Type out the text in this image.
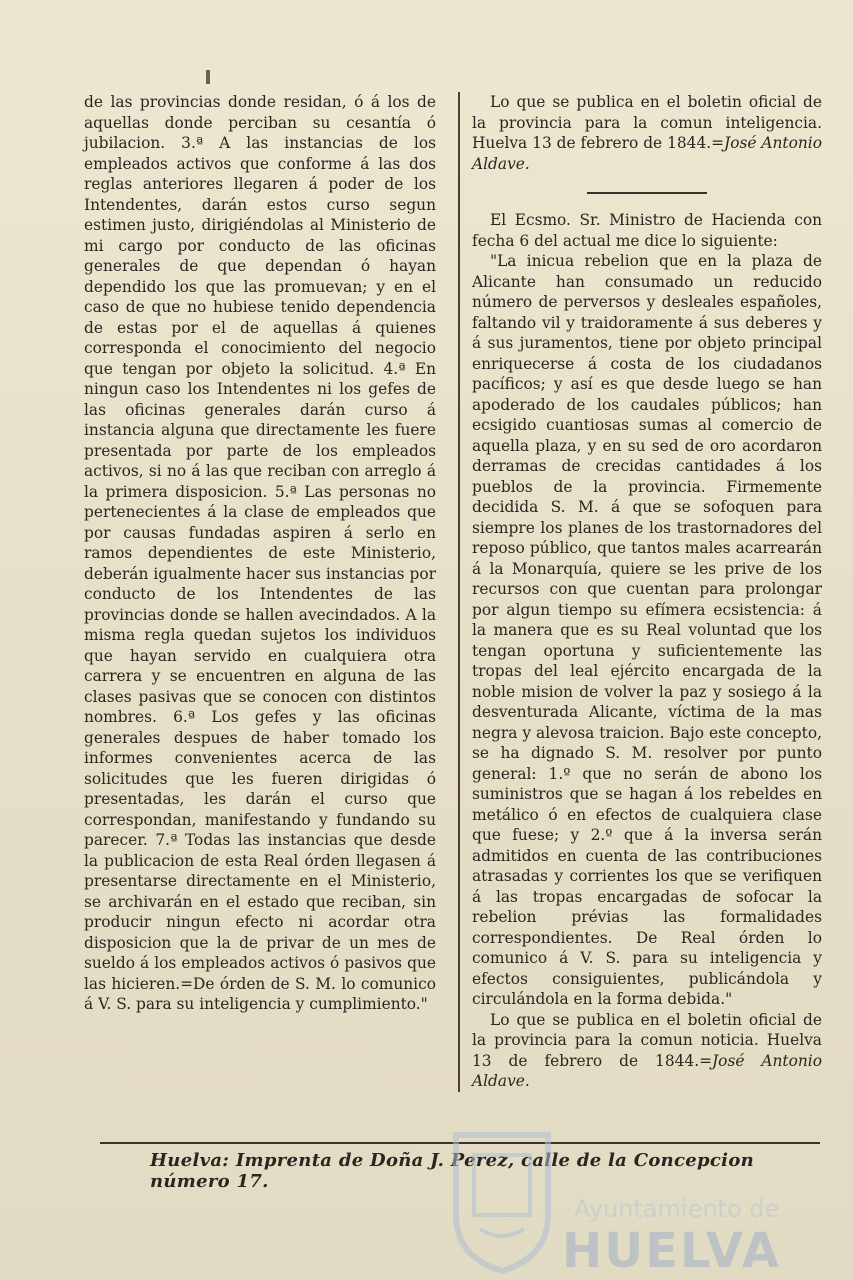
de las provincias donde residan, ó á los de aquellas donde perciban su cesantía ó jubilacion. 3.ª A las instancias de los empleados activos que conforme á las dos reglas anteriores llegaren á poder de los Intendentes, darán estos curso segun estimen justo, dirigiéndolas al Ministerio de mi cargo por conducto de las oficinas generales de que dependan ó hayan dependido los que las promuevan; y en el caso de que no hubiese tenido dependencia de estas por el de aquellas á quienes corresponda el conocimiento del negocio que tengan por objeto la solicitud. 4.ª En ningun caso los Intendentes ni los gefes de las oficinas generales darán curso á instancia alguna que directamente les fuere presentada por parte de los empleados activos, si no á las que reciban con arreglo á la primera disposicion. 5.ª Las personas no pertenecientes á la clase de empleados que por causas fundadas aspiren á serlo en ramos dependientes de este Ministerio, deberán igualmente hacer sus instancias por conducto de los Intendentes de las provincias donde se hallen avecindados. A la misma regla quedan sujetos los individuos que hayan servido en cualquiera otra carrera y se encuentren en alguna de las clases pasivas que se conocen con distintos nombres. 6.ª Los gefes y las oficinas generales despues de haber tomado los informes convenientes acerca de las solicitudes que les fueren dirigidas ó presentadas, les darán el curso que correspondan, manifestando y fundando su parecer. 7.ª Todas las instancias que desde la publicacion de esta Real órden llegasen á presentarse directamente en el Ministerio, se archivarán en el estado que reciban, sin producir ningun efecto ni acordar otra disposicion que la de privar de un mes de sueldo á los empleados activos ó pasivos que las hicieren.=De órden de S. M. lo comunico á V. S. para su inteligencia y cumplimiento."

Lo que se publica en el boletin oficial de la provincia para la comun inteligencia. Huelva 13 de febrero de 1844.=José Antonio Aldave.

El Ecsmo. Sr. Ministro de Hacienda con fecha 6 del actual me dice lo siguiente:

"La inicua rebelion que en la plaza de Alicante han consumado un reducido número de perversos y desleales españoles, faltando vil y traidoramente á sus deberes y á sus juramentos, tiene por objeto principal enriquecerse á costa de los ciudadanos pacíficos; y así es que desde luego se han apoderado de los caudales públicos; han ecsigido cuantiosas sumas al comercio de aquella plaza, y en su sed de oro acordaron derramas de crecidas cantidades á los pueblos de la provincia. Firmemente decidida S. M. á que se sofoquen para siempre los planes de los trastornadores del reposo público, que tantos males acarrearán á la Monarquía, quiere se les prive de los recursos con que cuentan para prolongar por algun tiempo su efímera ecsistencia: á la manera que es su Real voluntad que los tengan oportuna y suficientemente las tropas del leal ejército encargada de la noble mision de volver la paz y sosiego á la desventurada Alicante, víctima de la mas negra y alevosa traicion. Bajo este concepto, se ha dignado S. M. resolver por punto general: 1.º que no serán de abono los suministros que se hagan á los rebeldes en metálico ó en efectos de cualquiera clase que fuese; y 2.º que á la inversa serán admitidos en cuenta de las contribuciones atrasadas y corrientes los que se verifiquen á las tropas encargadas de sofocar la rebelion prévias las formalidades correspondientes. De Real órden lo comunico á V. S. para su inteligencia y efectos consiguientes, publicándola y circulándola en la forma debida."

Lo que se publica en el boletin oficial de la provincia para la comun noticia. Huelva 13 de febrero de 1844.=José Antonio Aldave.

Huelva: Imprenta de Doña J. Perez, calle de la Concepcion número 17.
Ayuntamiento de
HUELVA
